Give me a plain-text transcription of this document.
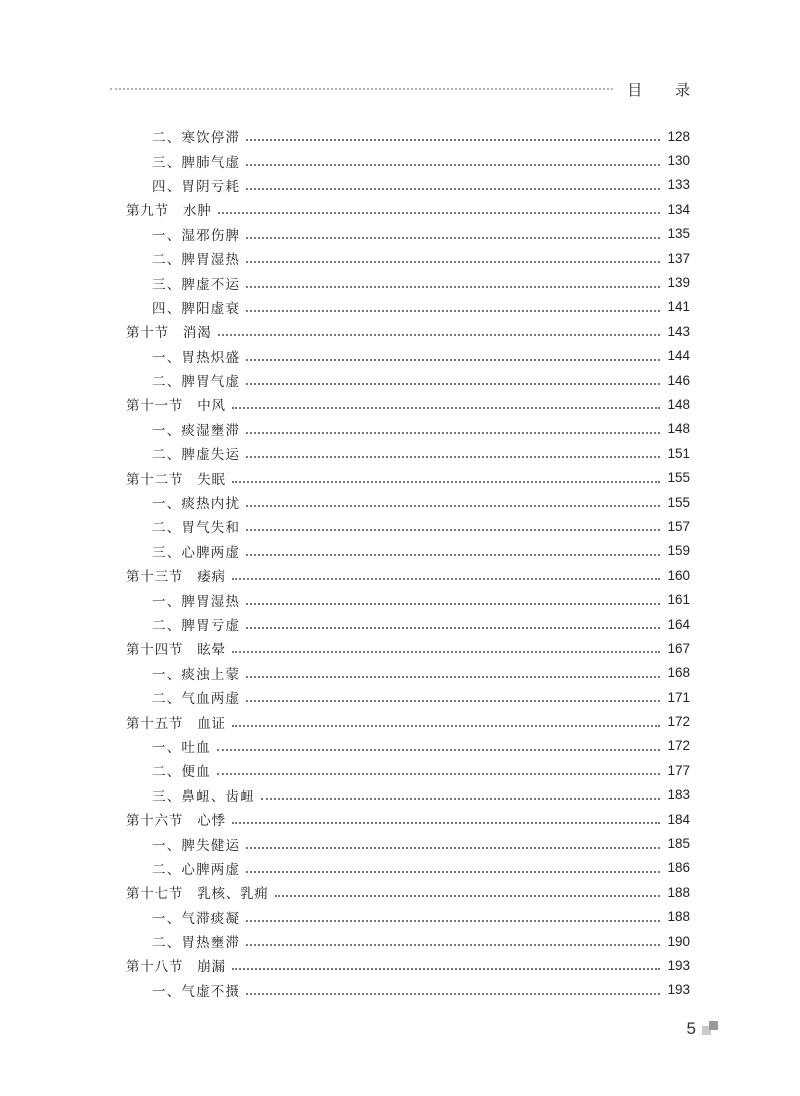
目 录
二、寒饮停滞	128
三、脾肺气虚	130
四、胃阴亏耗	133
第九节 水肿	134
一、湿邪伤脾	135
二、脾胃湿热	137
三、脾虚不运	139
四、脾阳虚衰	141
第十节 消渴	143
一、胃热炽盛	144
二、脾胃气虚	146
第十一节 中风	148
一、痰湿壅滞	148
二、脾虚失运	151
第十二节 失眠	155
一、痰热内扰	155
二、胃气失和	157
三、心脾两虚	159
第十三节 痿病	160
一、脾胃湿热	161
二、脾胃亏虚	164
第十四节 眩晕	167
一、痰浊上蒙	168
二、气血两虚	171
第十五节 血证	172
一、吐血	172
二、便血	177
三、鼻衄、齿衄	183
第十六节 心悸	184
一、脾失健运	185
二、心脾两虚	186
第十七节 乳核、乳痈	188
一、气滞痰凝	188
二、胃热壅滞	190
第十八节 崩漏	193
一、气虚不摄	193
5
